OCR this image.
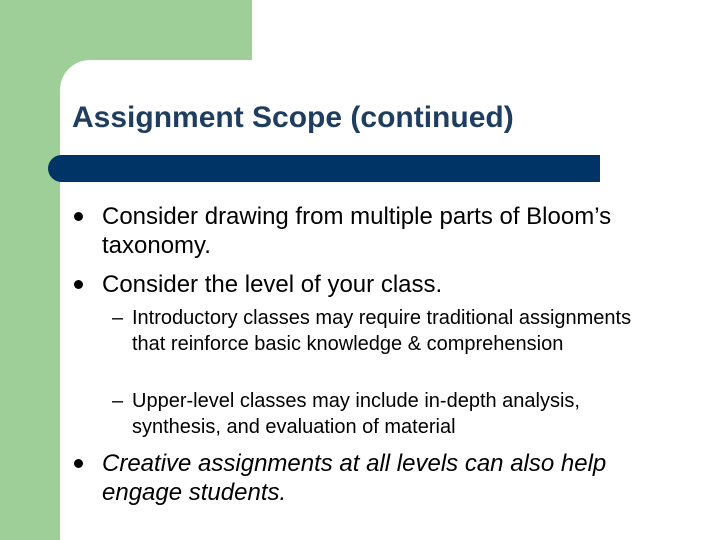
Assignment Scope (continued)

Consider drawing from multiple parts of Bloom’s taxonomy.

Consider the level of your class.

– Introductory classes may require traditional assignments that reinforce basic knowledge & comprehension

– Upper-level classes may include in-depth analysis, synthesis, and evaluation of material

Creative assignments at all levels can also help engage students.
